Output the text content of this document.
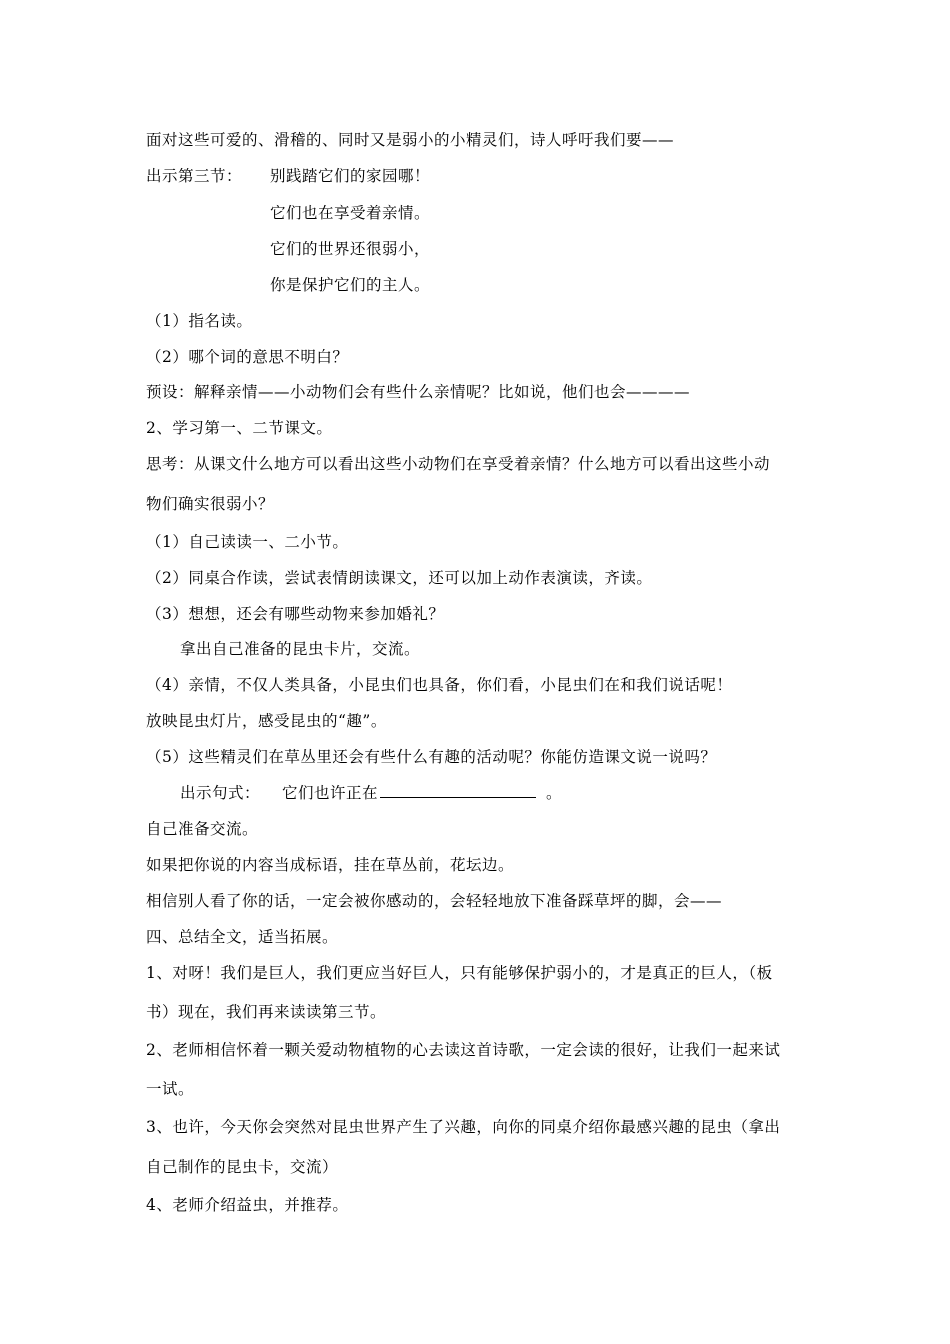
面对这些可爱的、滑稽的、同时又是弱小的小精灵们，诗人呼吁我们要——
出示第三节： 别践踏它们的家园哪！
它们也在享受着亲情。
它们的世界还很弱小，
你是保护它们的主人。
（1）指名读。
（2）哪个词的意思不明白？
预设：解释亲情——小动物们会有些什么亲情呢？比如说，他们也会————
2、学习第一、二节课文。
思考：从课文什么地方可以看出这些小动物们在享受着亲情？什么地方可以看出这些小动
物们确实很弱小？
（1）自己读读一、二小节。
（2）同桌合作读，尝试表情朗读课文，还可以加上动作表演读，齐读。
（3）想想，还会有哪些动物来参加婚礼？
拿出自己准备的昆虫卡片，交流。
（4）亲情，不仅人类具备，小昆虫们也具备，你们看，小昆虫们在和我们说话呢！
放映昆虫灯片，感受昆虫的“趣”。
（5）这些精灵们在草丛里还会有些什么有趣的活动呢？你能仿造课文说一说吗？
出示句式： 它们也许正在	。
自己准备交流。
如果把你说的内容当成标语，挂在草丛前，花坛边。
相信别人看了你的话，一定会被你感动的，会轻轻地放下准备踩草坪的脚，会——
四、总结全文，适当拓展。
1、对呀！我们是巨人，我们更应当好巨人，只有能够保护弱小的，才是真正的巨人，（板
书）现在，我们再来读读第三节。
2、老师相信怀着一颗关爱动物植物的心去读这首诗歌，一定会读的很好，让我们一起来试
一试。
3、也许，今天你会突然对昆虫世界产生了兴趣，向你的同桌介绍你最感兴趣的昆虫（拿出
自己制作的昆虫卡，交流）
4、老师介绍益虫，并推荐。
